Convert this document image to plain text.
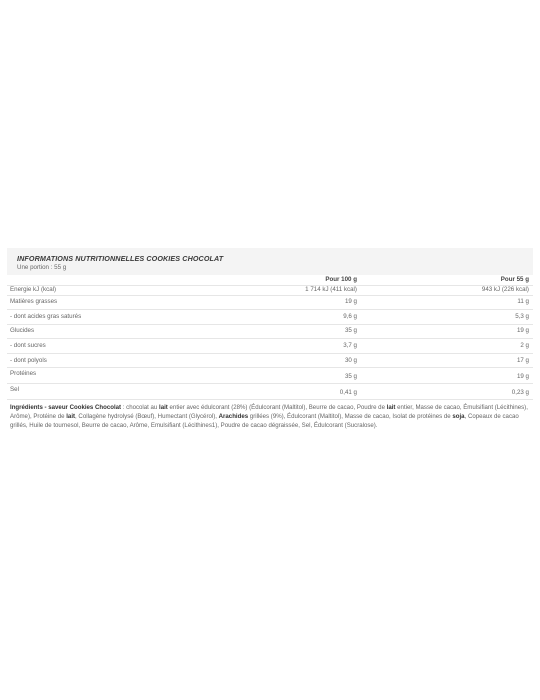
INFORMATIONS NUTRITIONNELLES COOKIES CHOCOLAT
Une portion : 55 g
	Pour 100 g	Pour 55 g
Energie kJ (kcal)	1 714 kJ (411 kcal)	943 kJ (226 kcal)
Matières grasses	19 g	11 g
- dont acides gras saturés	9,6 g	5,3 g
Glucides	35 g	19 g
- dont sucres	3,7 g	2 g
- dont polyols	30 g	17 g
Protéines	35 g	19 g
Sel	0,41 g	0,23 g
Ingrédients - saveur Cookies Chocolat : chocolat au lait entier avec édulcorant (28%) (Édulcorant (Maltitol), Beurre de cacao, Poudre de lait entier, Masse de cacao, Émulsifiant (Lécithines), Arôme), Protéine de lait, Collagène hydrolysé (Bœuf), Humectant (Glycérol), Arachides grillées (9%), Édulcorant (Maltitol), Masse de cacao, Isolat de protéines de soja, Copeaux de cacao grillés, Huile de tournesol, Beurre de cacao, Arôme, Emulsifiant (Lécithines1), Poudre de cacao dégraissée, Sel, Édulcorant (Sucralose).
